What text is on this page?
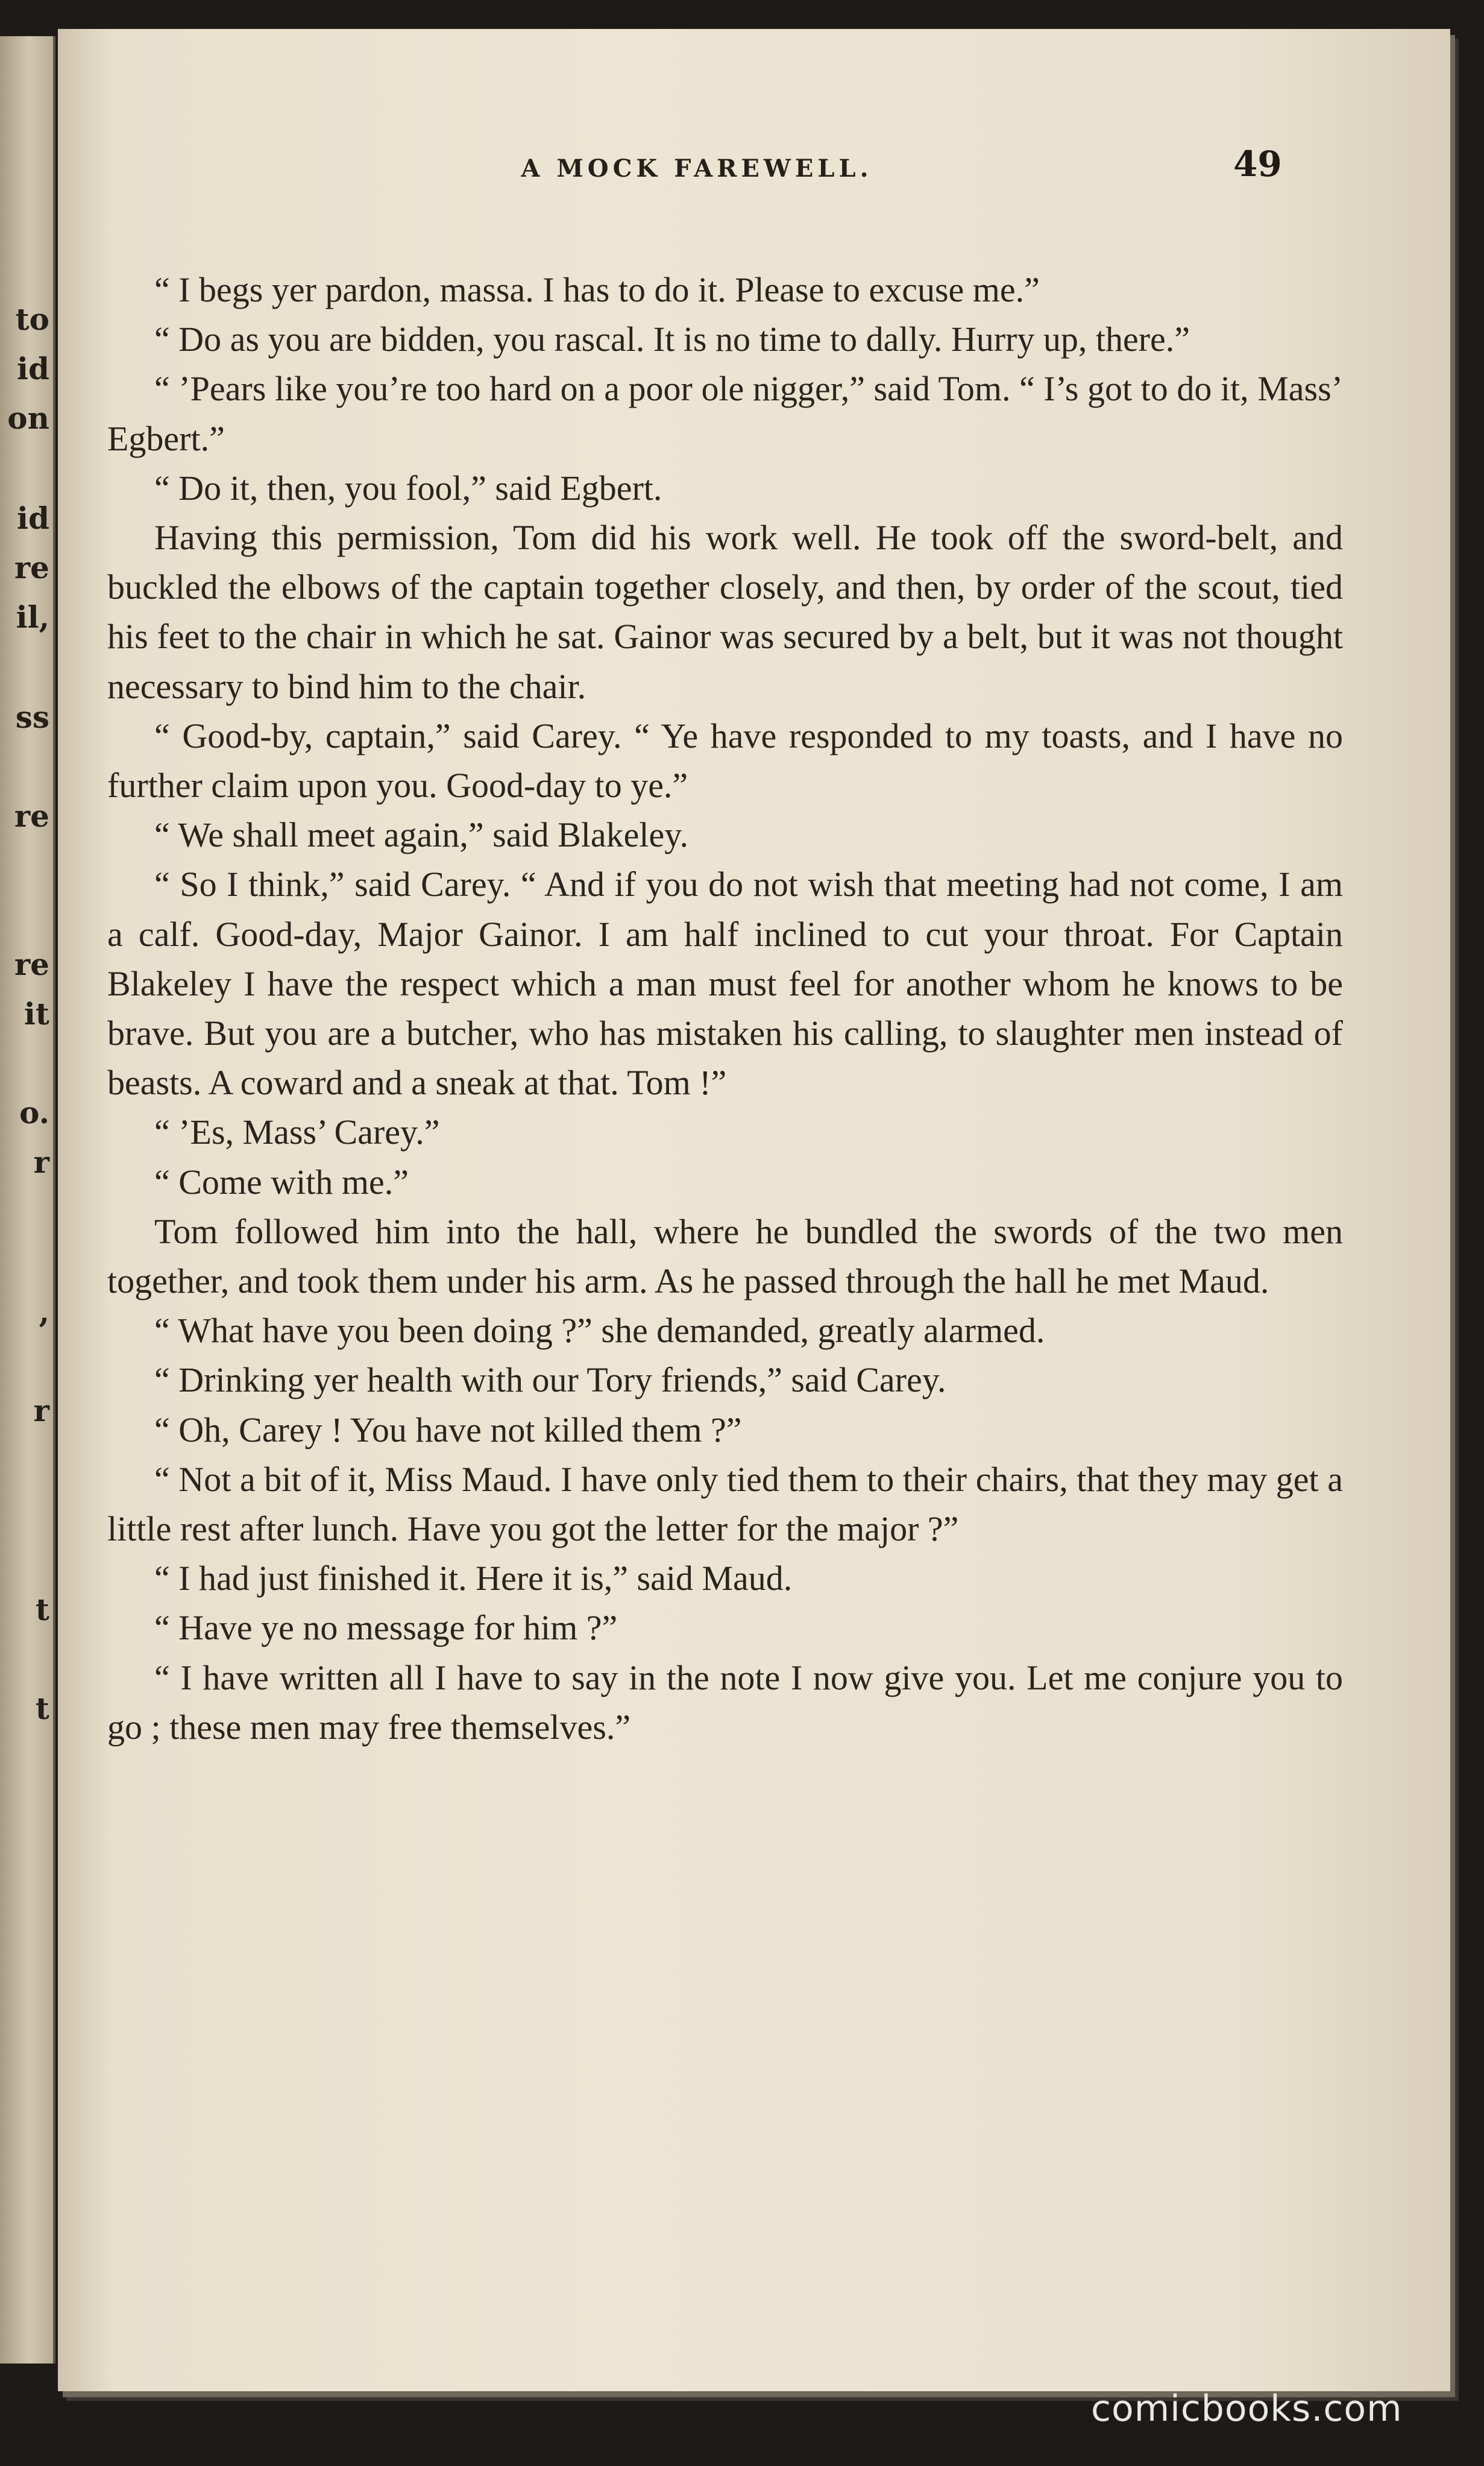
to
id
on
id
re
il,
ss
re
re
it
o.
r
,
r
t
t
A MOCK FAREWELL.	49

“ I begs yer pardon, massa. I has to do it. Please to excuse me.”

“ Do as you are bidden, you rascal. It is no time to dally. Hurry up, there.”

“ ’Pears like you’re too hard on a poor ole nigger,” said Tom. “ I’s got to do it, Mass’ Egbert.”

“ Do it, then, you fool,” said Egbert.

Having this permission, Tom did his work well. He took off the sword-belt, and buckled the elbows of the captain together closely, and then, by order of the scout, tied his feet to the chair in which he sat. Gainor was secured by a belt, but it was not thought necessary to bind him to the chair.

“ Good-by, captain,” said Carey. “ Ye have responded to my toasts, and I have no further claim upon you. Good-day to ye.”

“ We shall meet again,” said Blakeley.

“ So I think,” said Carey. “ And if you do not wish that meeting had not come, I am a calf. Good-day, Major Gainor. I am half inclined to cut your throat. For Captain Blakeley I have the respect which a man must feel for another whom he knows to be brave. But you are a butcher, who has mistaken his calling, to slaughter men instead of beasts. A coward and a sneak at that. Tom !”

“ ’Es, Mass’ Carey.”

“ Come with me.”

Tom followed him into the hall, where he bundled the swords of the two men together, and took them under his arm. As he passed through the hall he met Maud.

“ What have you been doing ?” she demanded, greatly alarmed.

“ Drinking yer health with our Tory friends,” said Carey.

“ Oh, Carey ! You have not killed them ?”

“ Not a bit of it, Miss Maud. I have only tied them to their chairs, that they may get a little rest after lunch. Have you got the letter for the major ?”

“ I had just finished it. Here it is,” said Maud.

“ Have ye no message for him ?”

“ I have written all I have to say in the note I now give you. Let me conjure you to go ; these men may free themselves.”

comicbooks.com
